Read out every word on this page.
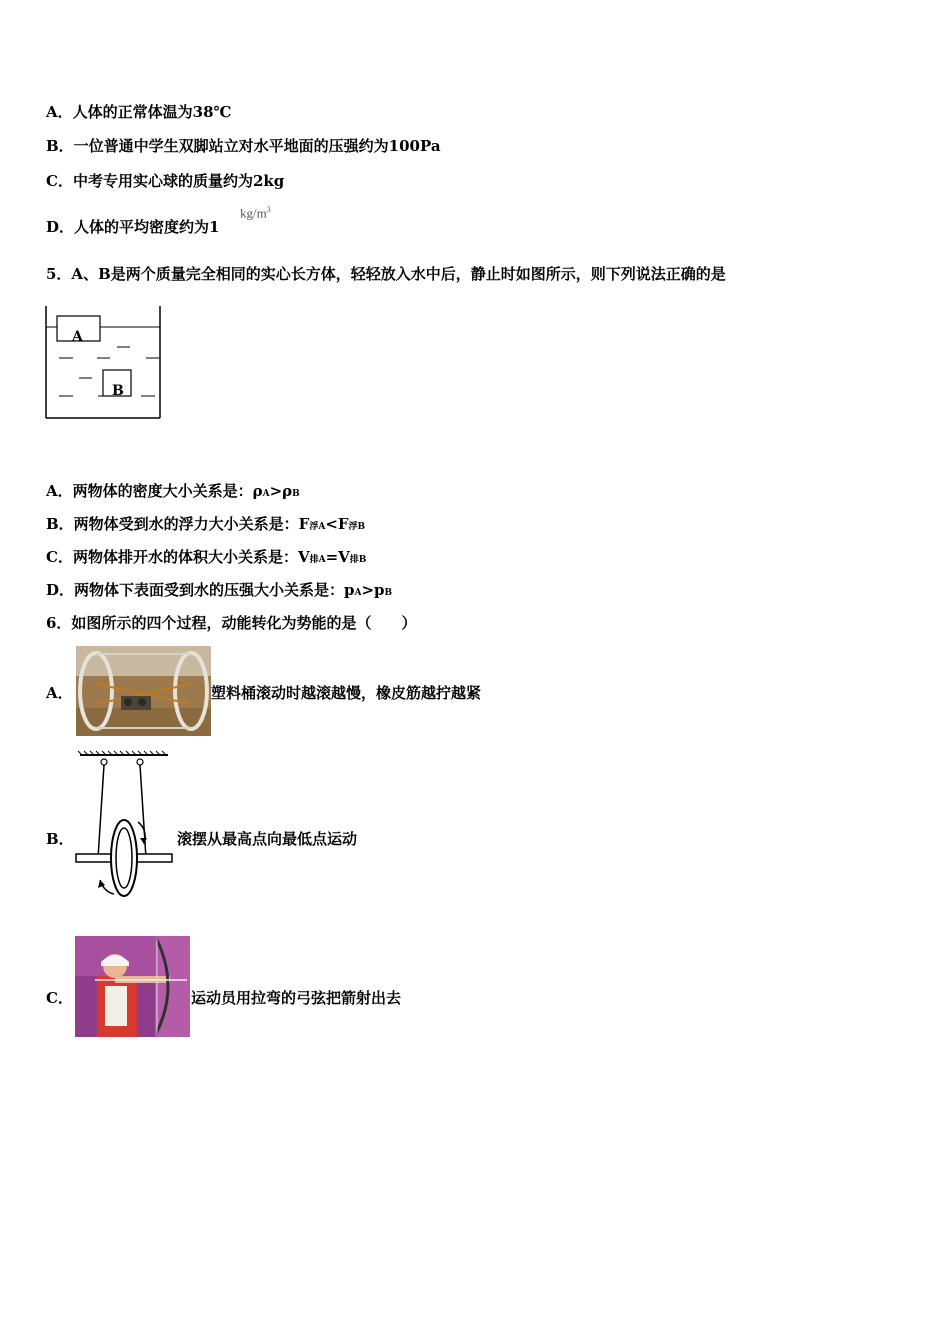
A．人体的正常体温为38℃
B．一位普通中学生双脚站立对水平地面的压强约为100Pa
C．中考专用实心球的质量约为2kg
D．人体的平均密度约为1
$kg/m^3$
5．A、B是两个质量完全相同的实心长方体，轻轻放入水中后，静止时如图所示，则下列说法正确的是
A
B
A．两物体的密度大小关系是：ρA>ρB
B．两物体受到水的浮力大小关系是：F浮A<F浮B
C．两物体排开水的体积大小关系是：V排A=V排B
D．两物体下表面受到水的压强大小关系是：pA>pB
6．如图所示的四个过程，动能转化为势能的是（　　）
A．	塑料桶滚动时越滚越慢，橡皮筋越拧越紧
B．	滚摆从最高点向最低点运动
C．	运动员用拉弯的弓弦把箭射出去
